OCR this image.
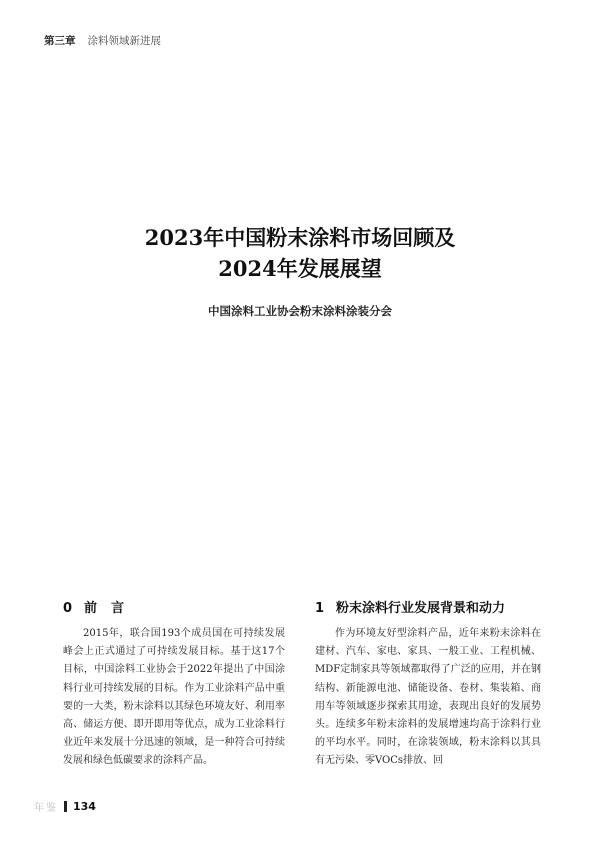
第三章 涂料领域新进展
2023年中国粉末涂料市场回顾及
2024年发展展望
中国涂料工业协会粉末涂料涂装分会
0 前言

2015年，联合国193个成员国在可持续发展峰会上正式通过了可持续发展目标。基于这17个目标，中国涂料工业协会于2022年提出了中国涂料行业可持续发展的目标。作为工业涂料产品中重要的一大类，粉末涂料以其绿色环境友好、利用率高、储运方便、即开即用等优点，成为工业涂料行业近年来发展十分迅速的领域，是一种符合可持续发展和绿色低碳要求的涂料产品。

1 粉末涂料行业发展背景和动力

作为环境友好型涂料产品，近年来粉末涂料在建材、汽车、家电、家具、一般工业、工程机械、MDF定制家具等领域都取得了广泛的应用，并在钢结构、新能源电池、储能设备、卷材、集装箱、商用车等领域逐步探索其用途，表现出良好的发展势头。连续多年粉末涂料的发展增速均高于涂料行业的平均水平。同时，在涂装领域，粉末涂料以其具有无污染、零VOCs排放、回

年鉴 134
